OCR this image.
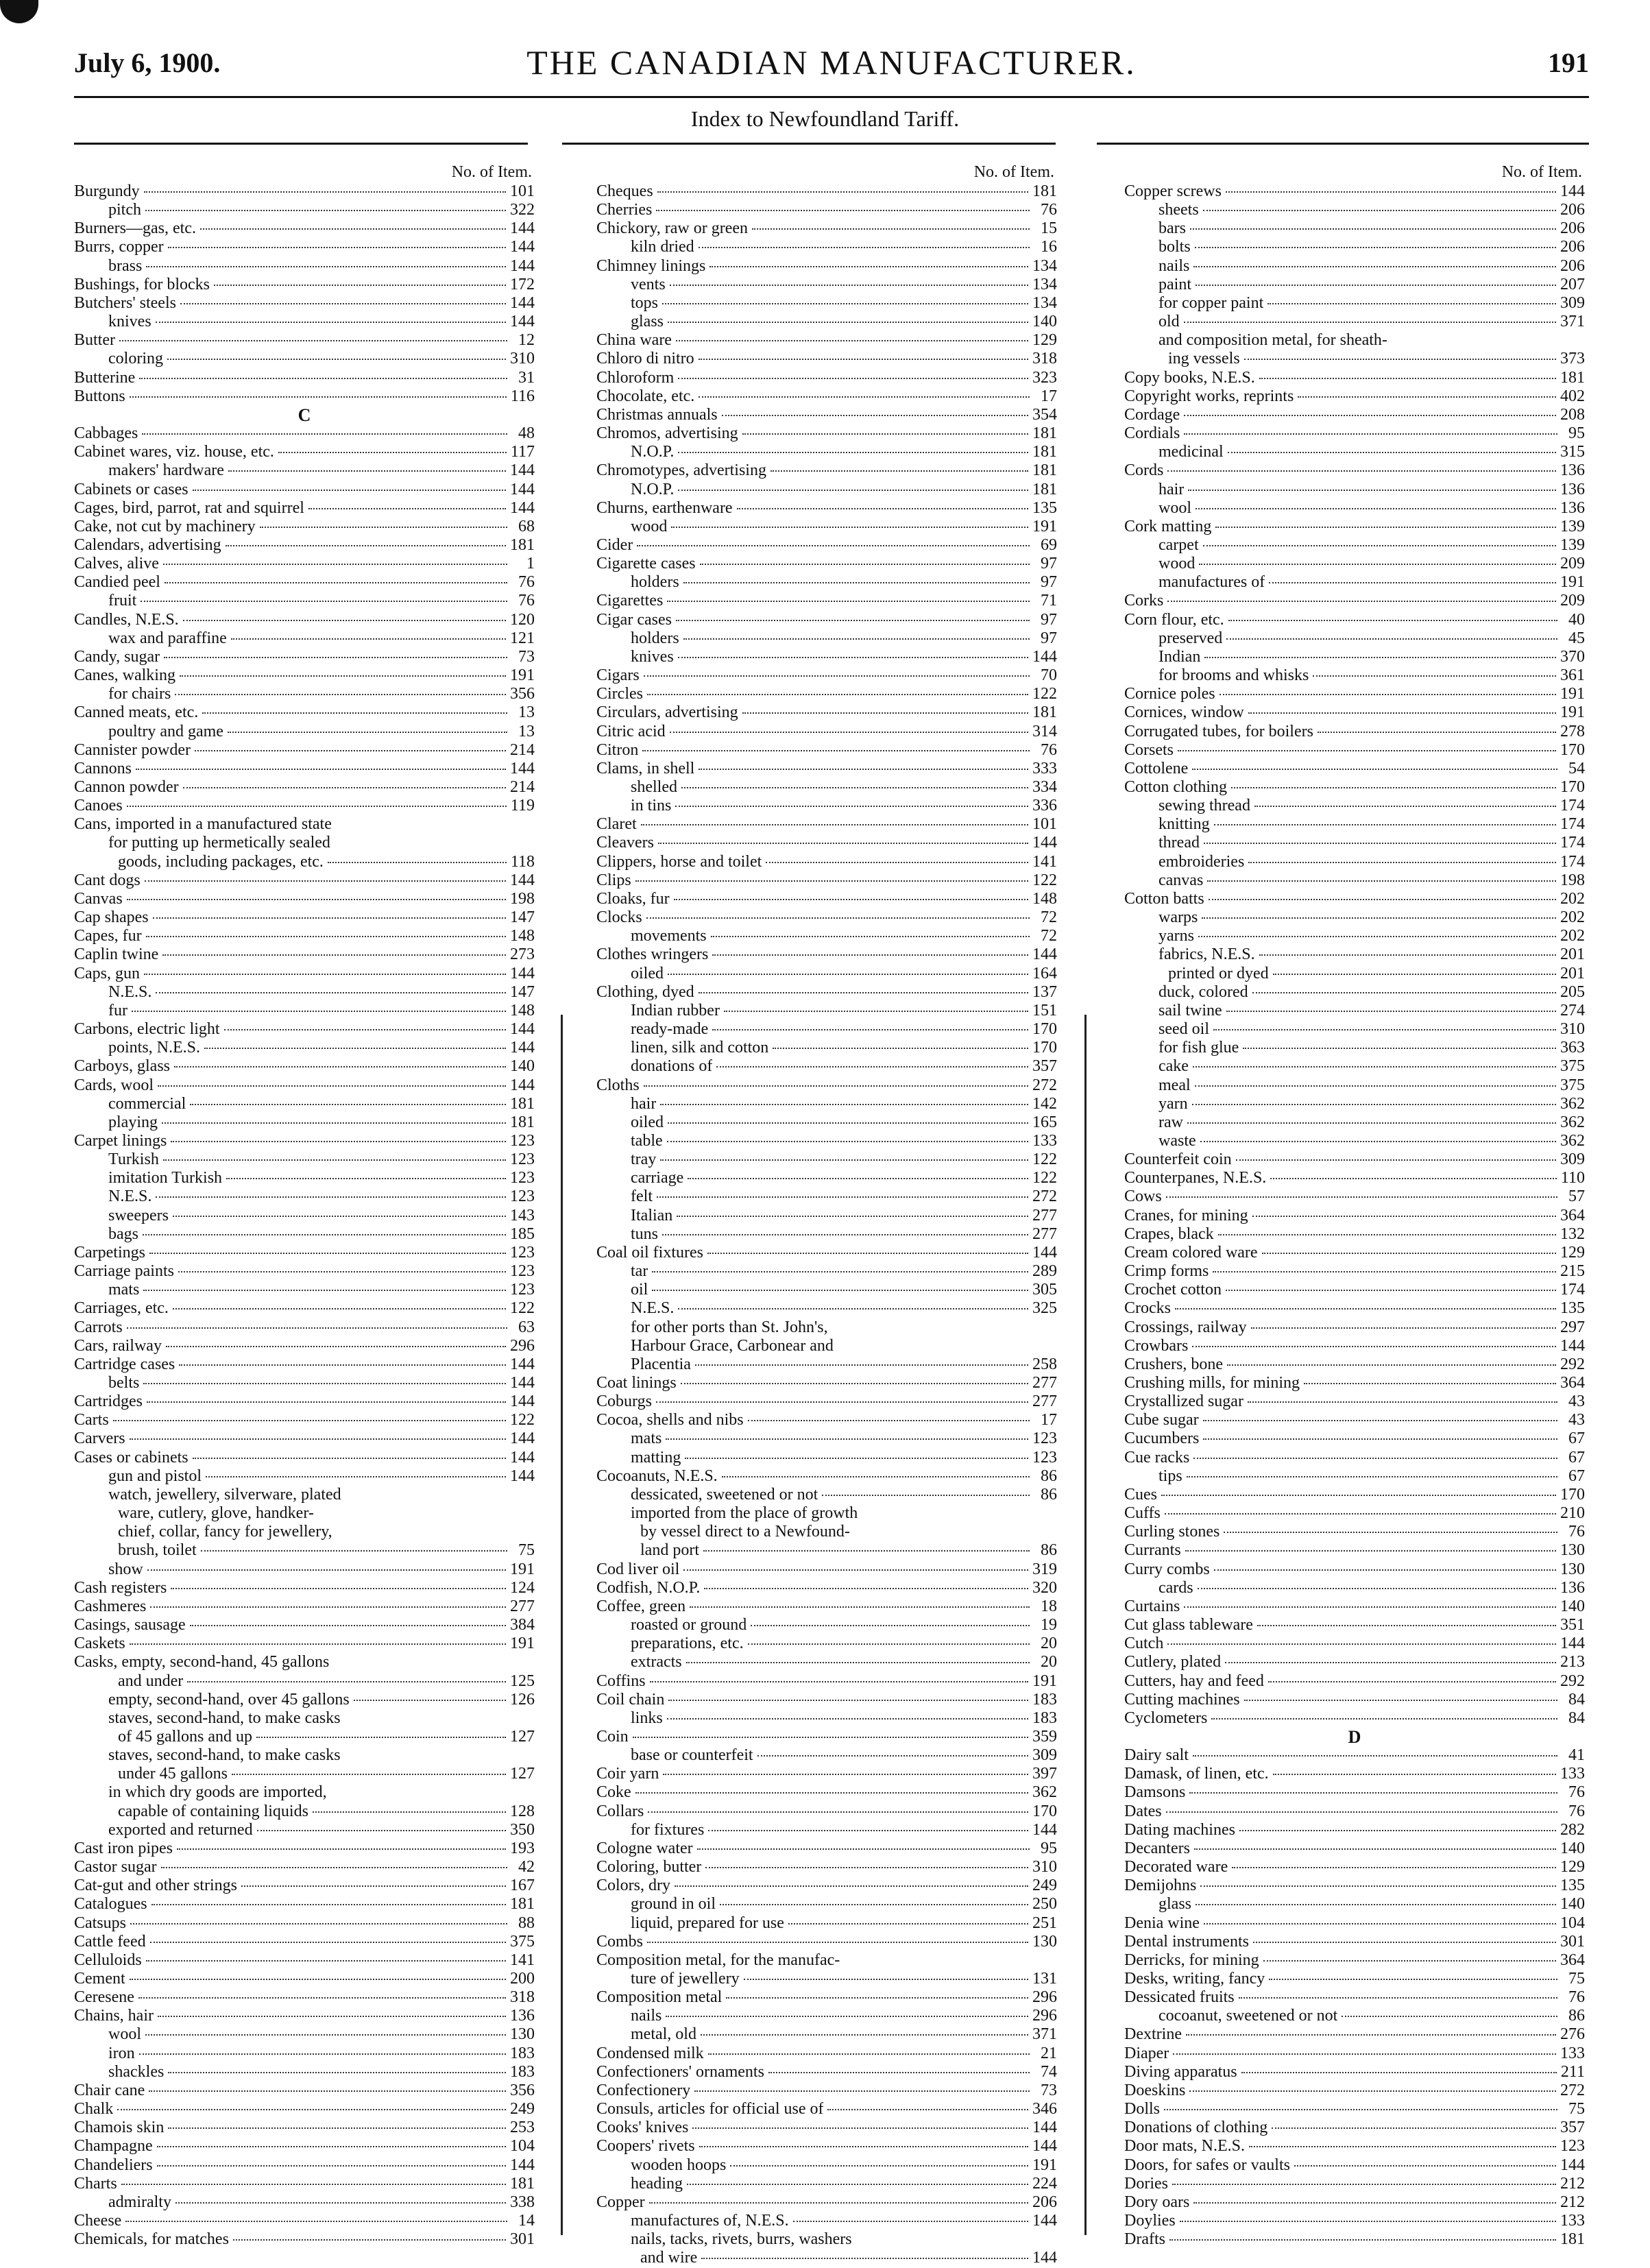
July 6, 1900.	THE CANADIAN MANUFACTURER.	191
Index to Newfoundland Tariff.
No. of Item.
Burgundy	101
pitch	322
Burners—gas, etc.	144
Burrs, copper	144
brass	144
Bushings, for blocks	172
Butchers' steels	144
knives	144
Butter	12
coloring	310
Butterine	31
Buttons	116
C
Cabbages	48
Cabinet wares, viz. house, etc.	117
makers' hardware	144
Cabinets or cases	144
Cages, bird, parrot, rat and squirrel	144
Cake, not cut by machinery	68
Calendars, advertising	181
Calves, alive	1
Candied peel	76
fruit	76
Candles, N.E.S.	120
wax and paraffine	121
Candy, sugar	73
Canes, walking	191
for chairs	356
Canned meats, etc.	13
poultry and game	13
Cannister powder	214
Cannons	144
Cannon powder	214
Canoes	119
Cans, imported in a manufactured state
for putting up hermetically sealed
goods, including packages, etc.	118
Cant dogs	144
Canvas	198
Cap shapes	147
Capes, fur	148
Caplin twine	273
Caps, gun	144
N.E.S.	147
fur	148
Carbons, electric light	144
points, N.E.S.	144
Carboys, glass	140
Cards, wool	144
commercial	181
playing	181
Carpet linings	123
Turkish	123
imitation Turkish	123
N.E.S.	123
sweepers	143
bags	185
Carpetings	123
Carriage paints	123
mats	123
Carriages, etc.	122
Carrots	63
Cars, railway	296
Cartridge cases	144
belts	144
Cartridges	144
Carts	122
Carvers	144
Cases or cabinets	144
gun and pistol	144
watch, jewellery, silverware, plated
ware, cutlery, glove, handker-
chief, collar, fancy for jewellery,
brush, toilet	75
show	191
Cash registers	124
Cashmeres	277
Casings, sausage	384
Caskets	191
Casks, empty, second-hand, 45 gallons
and under	125
empty, second-hand, over 45 gallons	126
staves, second-hand, to make casks
of 45 gallons and up	127
staves, second-hand, to make casks
under 45 gallons	127
in which dry goods are imported,
capable of containing liquids	128
exported and returned	350
Cast iron pipes	193
Castor sugar	42
Cat-gut and other strings	167
Catalogues	181
Catsups	88
Cattle feed	375
Celluloids	141
Cement	200
Ceresene	318
Chains, hair	136
wool	130
iron	183
shackles	183
Chair cane	356
Chalk	249
Chamois skin	253
Champagne	104
Chandeliers	144
Charts	181
admiralty	338
Cheese	14
Chemicals, for matches	301
No. of Item.
Cheques	181
Cherries	76
Chickory, raw or green	15
kiln dried	16
Chimney linings	134
vents	134
tops	134
glass	140
China ware	129
Chloro di nitro	318
Chloroform	323
Chocolate, etc.	17
Christmas annuals	354
Chromos, advertising	181
N.O.P.	181
Chromotypes, advertising	181
N.O.P.	181
Churns, earthenware	135
wood	191
Cider	69
Cigarette cases	97
holders	97
Cigarettes	71
Cigar cases	97
holders	97
knives	144
Cigars	70
Circles	122
Circulars, advertising	181
Citric acid	314
Citron	76
Clams, in shell	333
shelled	334
in tins	336
Claret	101
Cleavers	144
Clippers, horse and toilet	141
Clips	122
Cloaks, fur	148
Clocks	72
movements	72
Clothes wringers	144
oiled	164
Clothing, dyed	137
Indian rubber	151
ready-made	170
linen, silk and cotton	170
donations of	357
Cloths	272
hair	142
oiled	165
table	133
tray	122
carriage	122
felt	272
Italian	277
tuns	277
Coal oil fixtures	144
tar	289
oil	305
N.E.S.	325
for other ports than St. John's,
Harbour Grace, Carbonear and
Placentia	258
Coat linings	277
Coburgs	277
Cocoa, shells and nibs	17
mats	123
matting	123
Cocoanuts, N.E.S.	86
dessicated, sweetened or not	86
imported from the place of growth
by vessel direct to a Newfound-
land port	86
Cod liver oil	319
Codfish, N.O.P.	320
Coffee, green	18
roasted or ground	19
preparations, etc.	20
extracts	20
Coffins	191
Coil chain	183
links	183
Coin	359
base or counterfeit	309
Coir yarn	397
Coke	362
Collars	170
for fixtures	144
Cologne water	95
Coloring, butter	310
Colors, dry	249
ground in oil	250
liquid, prepared for use	251
Combs	130
Composition metal, for the manufac-
ture of jewellery	131
Composition metal	296
nails	296
metal, old	371
Condensed milk	21
Confectioners' ornaments	74
Confectionery	73
Consuls, articles for official use of	346
Cooks' knives	144
Coopers' rivets	144
wooden hoops	191
heading	224
Copper	206
manufactures of, N.E.S.	144
nails, tacks, rivets, burrs, washers
and wire	144
No. of Item.
Copper screws	144
sheets	206
bars	206
bolts	206
nails	206
paint	207
for copper paint	309
old	371
and composition metal, for sheath-
ing vessels	373
Copy books, N.E.S.	181
Copyright works, reprints	402
Cordage	208
Cordials	95
medicinal	315
Cords	136
hair	136
wool	136
Cork matting	139
carpet	139
wood	209
manufactures of	191
Corks	209
Corn flour, etc.	40
preserved	45
Indian	370
for brooms and whisks	361
Cornice poles	191
Cornices, window	191
Corrugated tubes, for boilers	278
Corsets	170
Cottolene	54
Cotton clothing	170
sewing thread	174
knitting	174
thread	174
embroideries	174
canvas	198
Cotton batts	202
warps	202
yarns	202
fabrics, N.E.S.	201
printed or dyed	201
duck, colored	205
sail twine	274
seed oil	310
for fish glue	363
cake	375
meal	375
yarn	362
raw	362
waste	362
Counterfeit coin	309
Counterpanes, N.E.S.	110
Cows	57
Cranes, for mining	364
Crapes, black	132
Cream colored ware	129
Crimp forms	215
Crochet cotton	174
Crocks	135
Crossings, railway	297
Crowbars	144
Crushers, bone	292
Crushing mills, for mining	364
Crystallized sugar	43
Cube sugar	43
Cucumbers	67
Cue racks	67
tips	67
Cues	170
Cuffs	210
Curling stones	76
Currants	130
Curry combs	130
cards	136
Curtains	140
Cut glass tableware	351
Cutch	144
Cutlery, plated	213
Cutters, hay and feed	292
Cutting machines	84
Cyclometers	84
D
Dairy salt	41
Damask, of linen, etc.	133
Damsons	76
Dates	76
Dating machines	282
Decanters	140
Decorated ware	129
Demijohns	135
glass	140
Denia wine	104
Dental instruments	301
Derricks, for mining	364
Desks, writing, fancy	75
Dessicated fruits	76
cocoanut, sweetened or not	86
Dextrine	276
Diaper	133
Diving apparatus	211
Doeskins	272
Dolls	75
Donations of clothing	357
Door mats, N.E.S.	123
Doors, for safes or vaults	144
Dories	212
Dory oars	212
Doylies	133
Drafts	181
